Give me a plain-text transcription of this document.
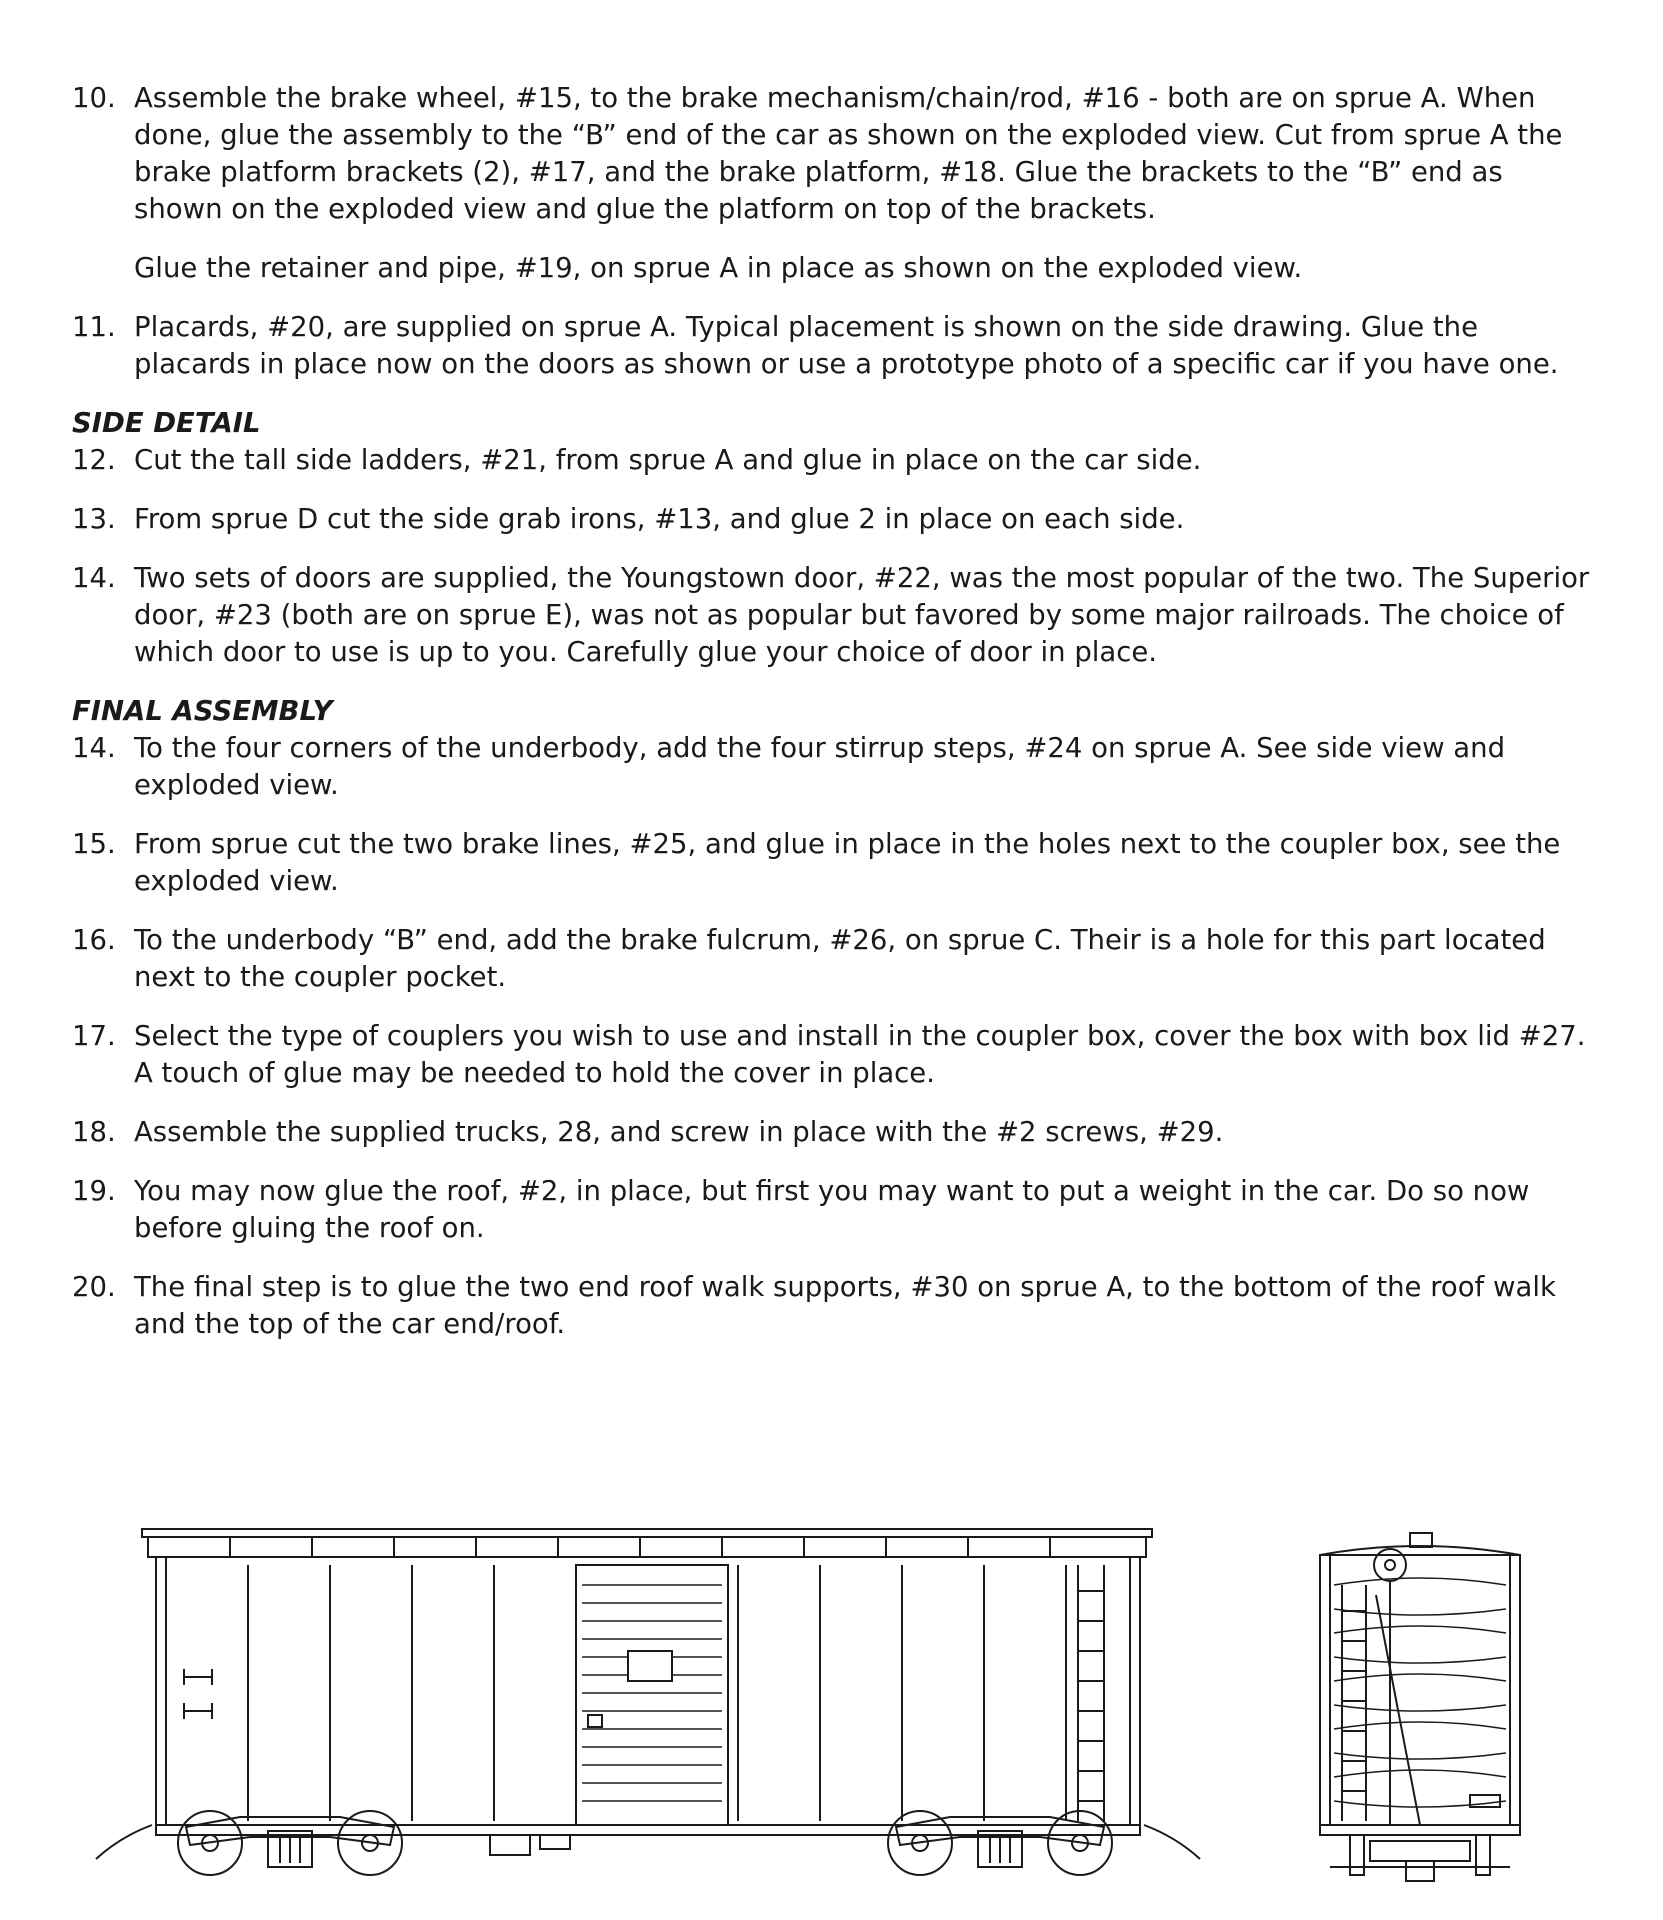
10. Assemble the brake wheel, #15, to the brake mechanism/chain/rod, #16 - both are on sprue A. When done, glue the assembly to the “B” end of the car as shown on the exploded view. Cut from sprue A the brake platform brackets (2), #17, and the brake platform, #18. Glue the brackets to the “B” end as shown on the exploded view and glue the platform on top of the brackets.
Glue the retainer and pipe, #19, on sprue A in place as shown on the exploded view.
11. Placards, #20, are supplied on sprue A. Typical placement is shown on the side drawing. Glue the placards in place now on the doors as shown or use a prototype photo of a specific car if you have one.
SIDE DETAIL
12. Cut the tall side ladders, #21, from sprue A and glue in place on the car side.
13. From sprue D cut the side grab irons, #13, and glue 2 in place on each side.
14. Two sets of doors are supplied, the Youngstown door, #22, was the most popular of the two. The Superior door, #23 (both are on sprue E), was not as popular but favored by some major railroads. The choice of which door to use is up to you. Carefully glue your choice of door in place.
FINAL ASSEMBLY
14. To the four corners of the underbody, add the four stirrup steps, #24 on sprue A. See side view and exploded view.
15. From sprue cut the two brake lines, #25, and glue in place in the holes next to the coupler box, see the exploded view.
16. To the underbody “B” end, add the brake fulcrum, #26, on sprue C. Their is a hole for this part located next to the coupler pocket.
17. Select the type of couplers you wish to use and install in the coupler box, cover the box with box lid #27. A touch of glue may be needed to hold the cover in place.
18. Assemble the supplied trucks, 28, and screw in place with the #2 screws, #29.
19. You may now glue the roof, #2, in place, but first you may want to put a weight in the car. Do so now before gluing the roof on.
20. The final step is to glue the two end roof walk supports, #30 on sprue A, to the bottom of the roof walk and the top of the car end/roof.
